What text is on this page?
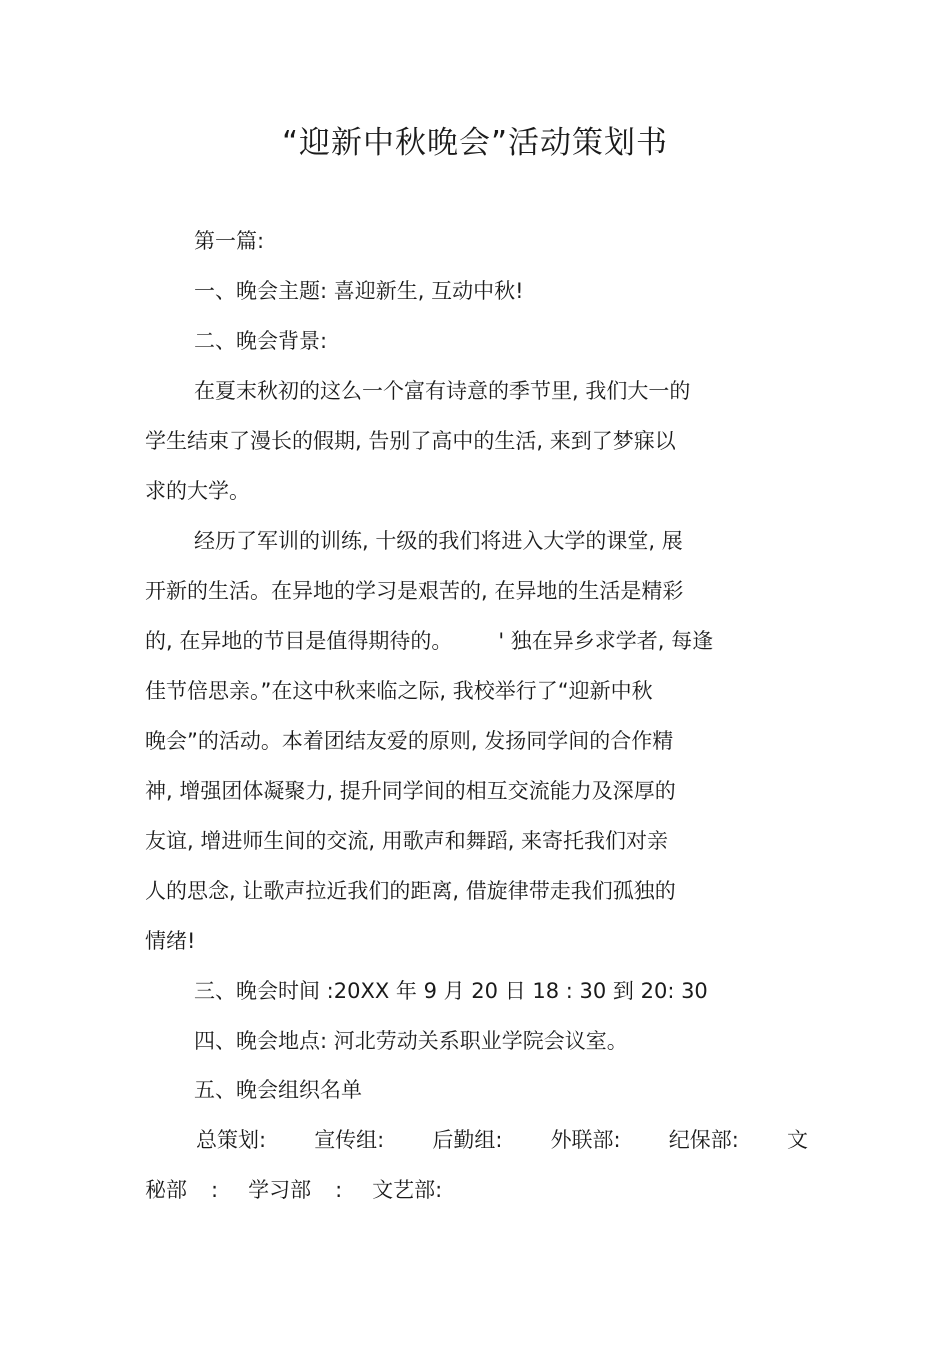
“迎新中秋晚会”活动策划书
第一篇:
一、晚会主题: 喜迎新生, 互动中秋!
二、晚会背景:
在夏末秋初的这么一个富有诗意的季节里, 我们大一的
学生结束了漫长的假期, 告别了高中的生活, 来到了梦寐以
求的大学。
经历了军训的训练, 十级的我们将进入大学的课堂, 展
开新的生活。在异地的学习是艰苦的, 在异地的生活是精彩
的, 在异地的节目是值得期待的。 ' 独在异乡求学者, 每逢
佳节倍思亲。”在这中秋来临之际, 我校举行了“迎新中秋
晚会”的活动。本着团结友爱的原则, 发扬同学间的合作精
神, 增强团体凝聚力, 提升同学间的相互交流能力及深厚的
友谊, 增进师生间的交流, 用歌声和舞蹈, 来寄托我们对亲
人的思念, 让歌声拉近我们的距离, 借旋律带走我们孤独的
情绪!
三、晚会时间 :20XX 年 9 月 20 日 18 : 30 到 20: 30
四、晚会地点: 河北劳动关系职业学院会议室。
五、晚会组织名单
总策划: 宣传组: 后勤组: 外联部: 纪保部: 文
秘部 : 学习部 : 文艺部:
